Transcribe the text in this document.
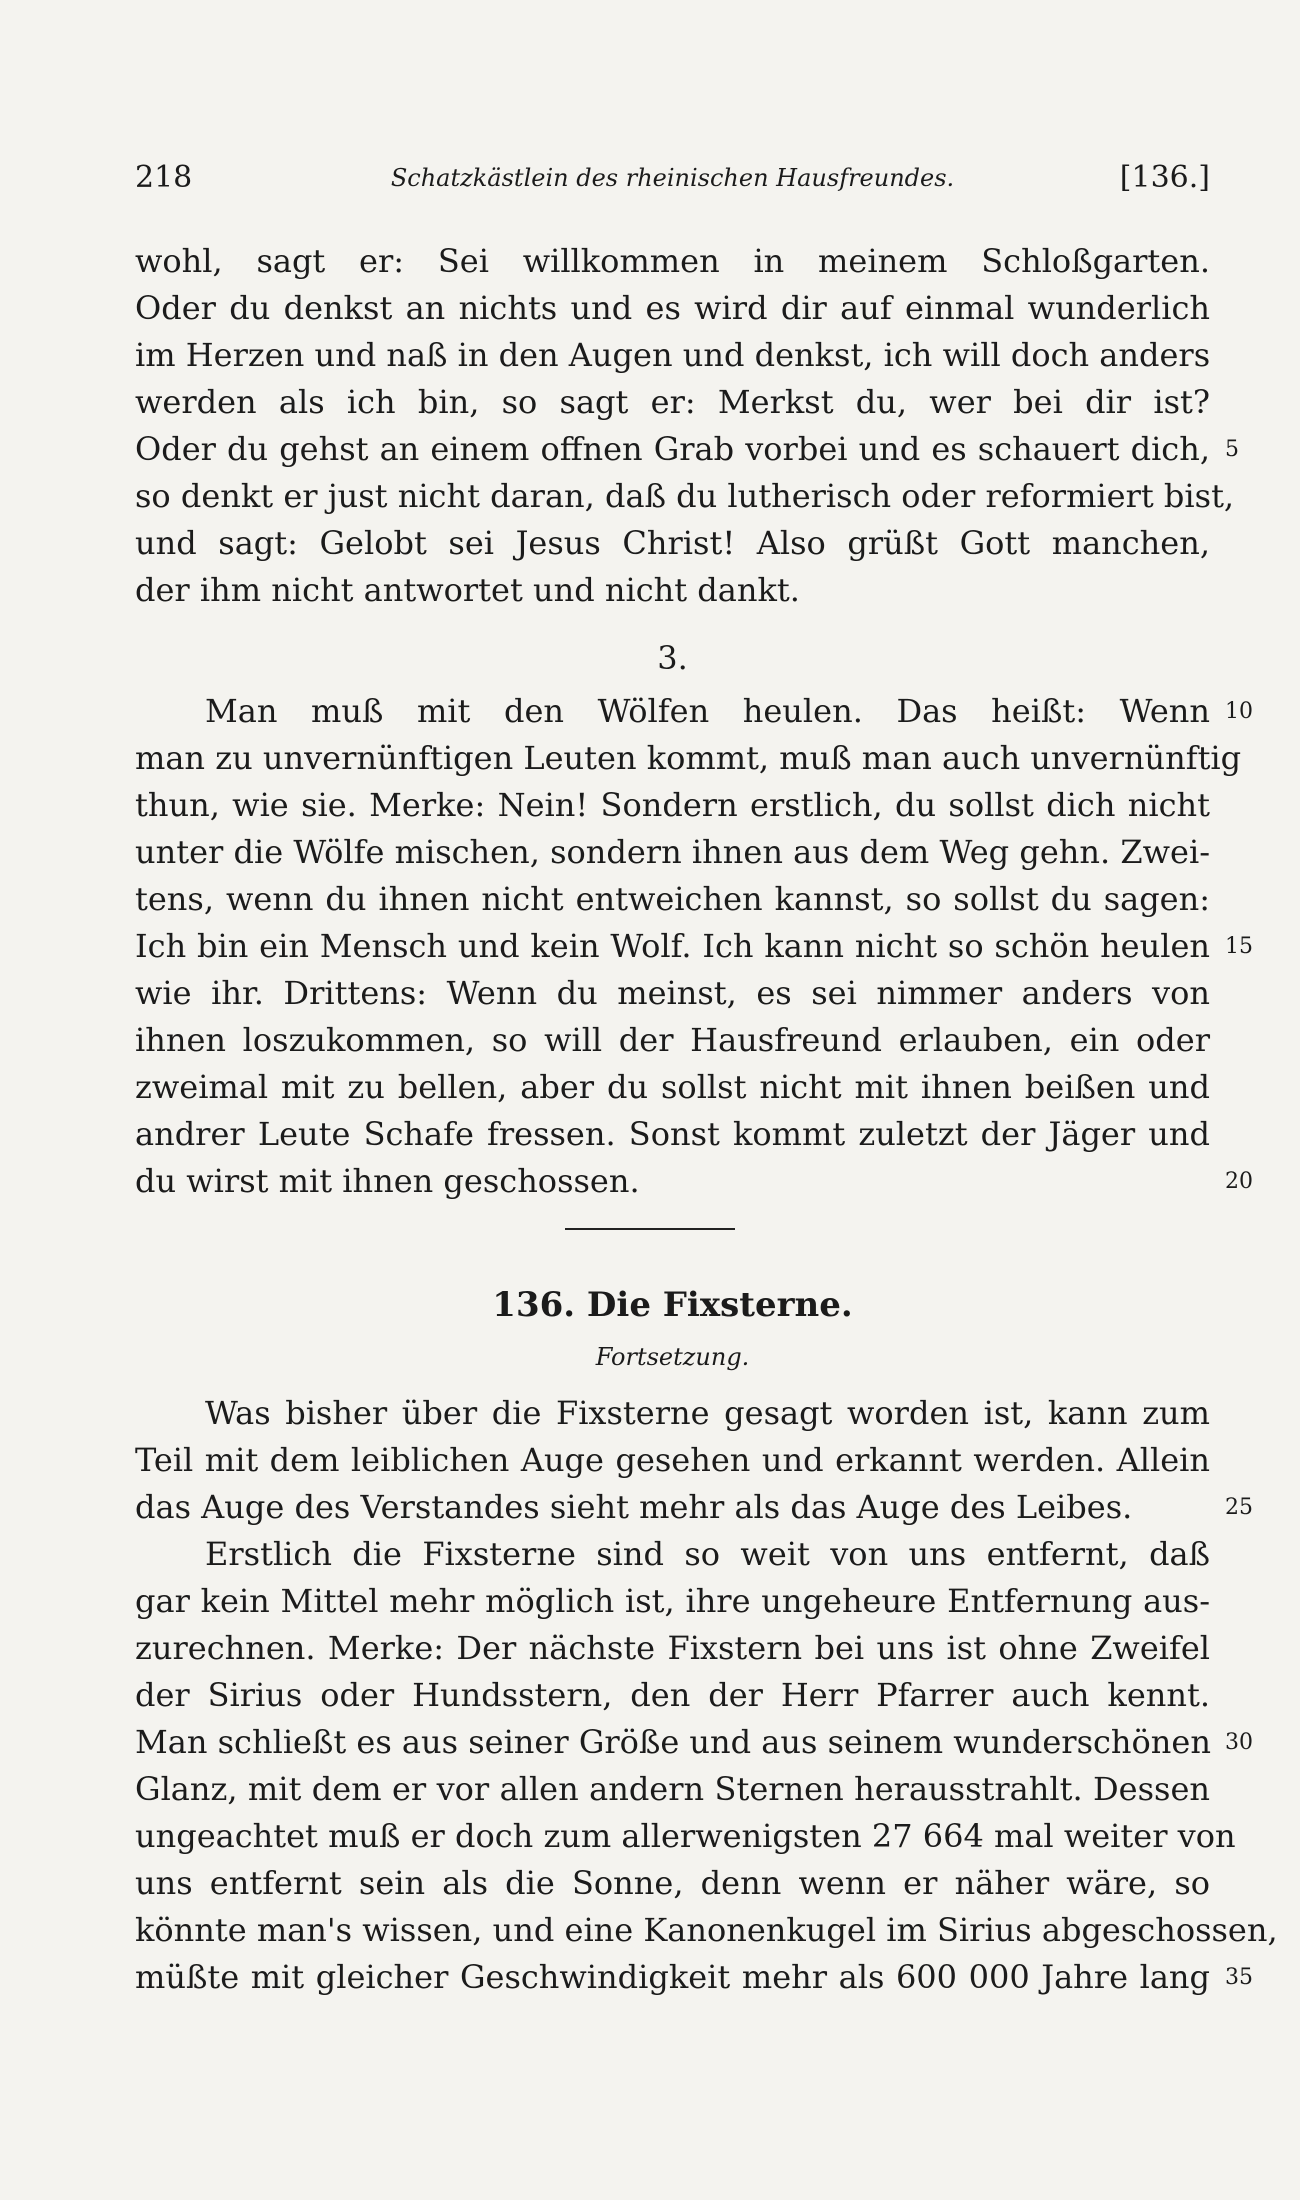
218	Schatzkästlein des rheinischen Hausfreundes.	[136.]
wohl, sagt er: Sei willkommen in meinem Schloßgarten.
Oder du denkst an nichts und es wird dir auf einmal wunderlich
im Herzen und naß in den Augen und denkst, ich will doch anders
werden als ich bin, so sagt er: Merkst du, wer bei dir ist?
Oder du gehst an einem offnen Grab vorbei und es schauert dich,
so denkt er just nicht daran, daß du lutherisch oder reformiert bist,
und sagt: Gelobt sei Jesus Christ! Also grüßt Gott manchen,
der ihm nicht antwortet und nicht dankt.
3.
Man muß mit den Wölfen heulen. Das heißt: Wenn
man zu unvernünftigen Leuten kommt, muß man auch unvernünftig
thun, wie sie. Merke: Nein! Sondern erstlich, du sollst dich nicht
unter die Wölfe mischen, sondern ihnen aus dem Weg gehn. Zwei-
tens, wenn du ihnen nicht entweichen kannst, so sollst du sagen:
Ich bin ein Mensch und kein Wolf. Ich kann nicht so schön heulen
wie ihr. Drittens: Wenn du meinst, es sei nimmer anders von
ihnen loszukommen, so will der Hausfreund erlauben, ein oder
zweimal mit zu bellen, aber du sollst nicht mit ihnen beißen und
andrer Leute Schafe fressen. Sonst kommt zuletzt der Jäger und
du wirst mit ihnen geschossen.
136. Die Fixsterne.
Fortsetzung.
Was bisher über die Fixsterne gesagt worden ist, kann zum
Teil mit dem leiblichen Auge gesehen und erkannt werden. Allein
das Auge des Verstandes sieht mehr als das Auge des Leibes.
Erstlich die Fixsterne sind so weit von uns entfernt, daß
gar kein Mittel mehr möglich ist, ihre ungeheure Entfernung aus-
zurechnen. Merke: Der nächste Fixstern bei uns ist ohne Zweifel
der Sirius oder Hundsstern, den der Herr Pfarrer auch kennt.
Man schließt es aus seiner Größe und aus seinem wunderschönen
Glanz, mit dem er vor allen andern Sternen herausstrahlt. Dessen
ungeachtet muß er doch zum allerwenigsten 27 664 mal weiter von
uns entfernt sein als die Sonne, denn wenn er näher wäre, so
könnte man's wissen, und eine Kanonenkugel im Sirius abgeschossen,
müßte mit gleicher Geschwindigkeit mehr als 600 000 Jahre lang
5
10
15
20
25
30
35
